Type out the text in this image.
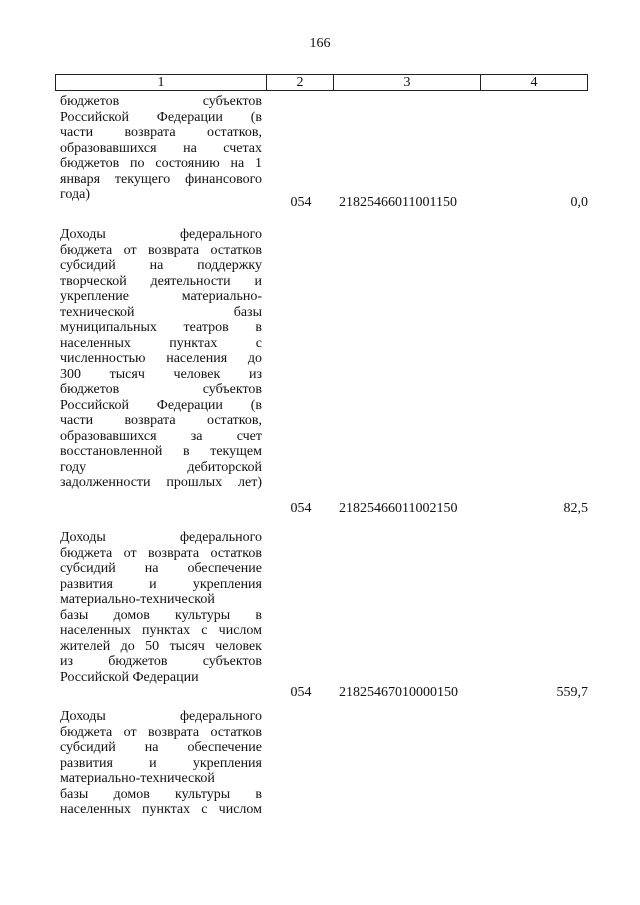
166
1	2	3	4
бюджетов субъектов
Российской Федерации (в
части возврата остатков,
образовавшихся на счетах
бюджетов по состоянию на 1
января текущего финансового
года)
054	21825466011001150	0,0
Доходы федерального
бюджета от возврата остатков
субсидий на поддержку
творческой деятельности и
укрепление материально-
технической базы
муниципальных театров в
населенных пунктах с
численностью населения до
300 тысяч человек из
бюджетов субъектов
Российской Федерации (в
части возврата остатков,
образовавшихся за счет
восстановленной в текущем
году дебиторской
задолженности прошлых лет)
054	21825466011002150	82,5
Доходы федерального
бюджета от возврата остатков
субсидий на обеспечение
развития и укрепления
материально-технической
базы домов культуры в
населенных пунктах с числом
жителей до 50 тысяч человек
из бюджетов субъектов
Российской Федерации
054	21825467010000150	559,7
Доходы федерального
бюджета от возврата остатков
субсидий на обеспечение
развития и укрепления
материально-технической
базы домов культуры в
населенных пунктах с числом
